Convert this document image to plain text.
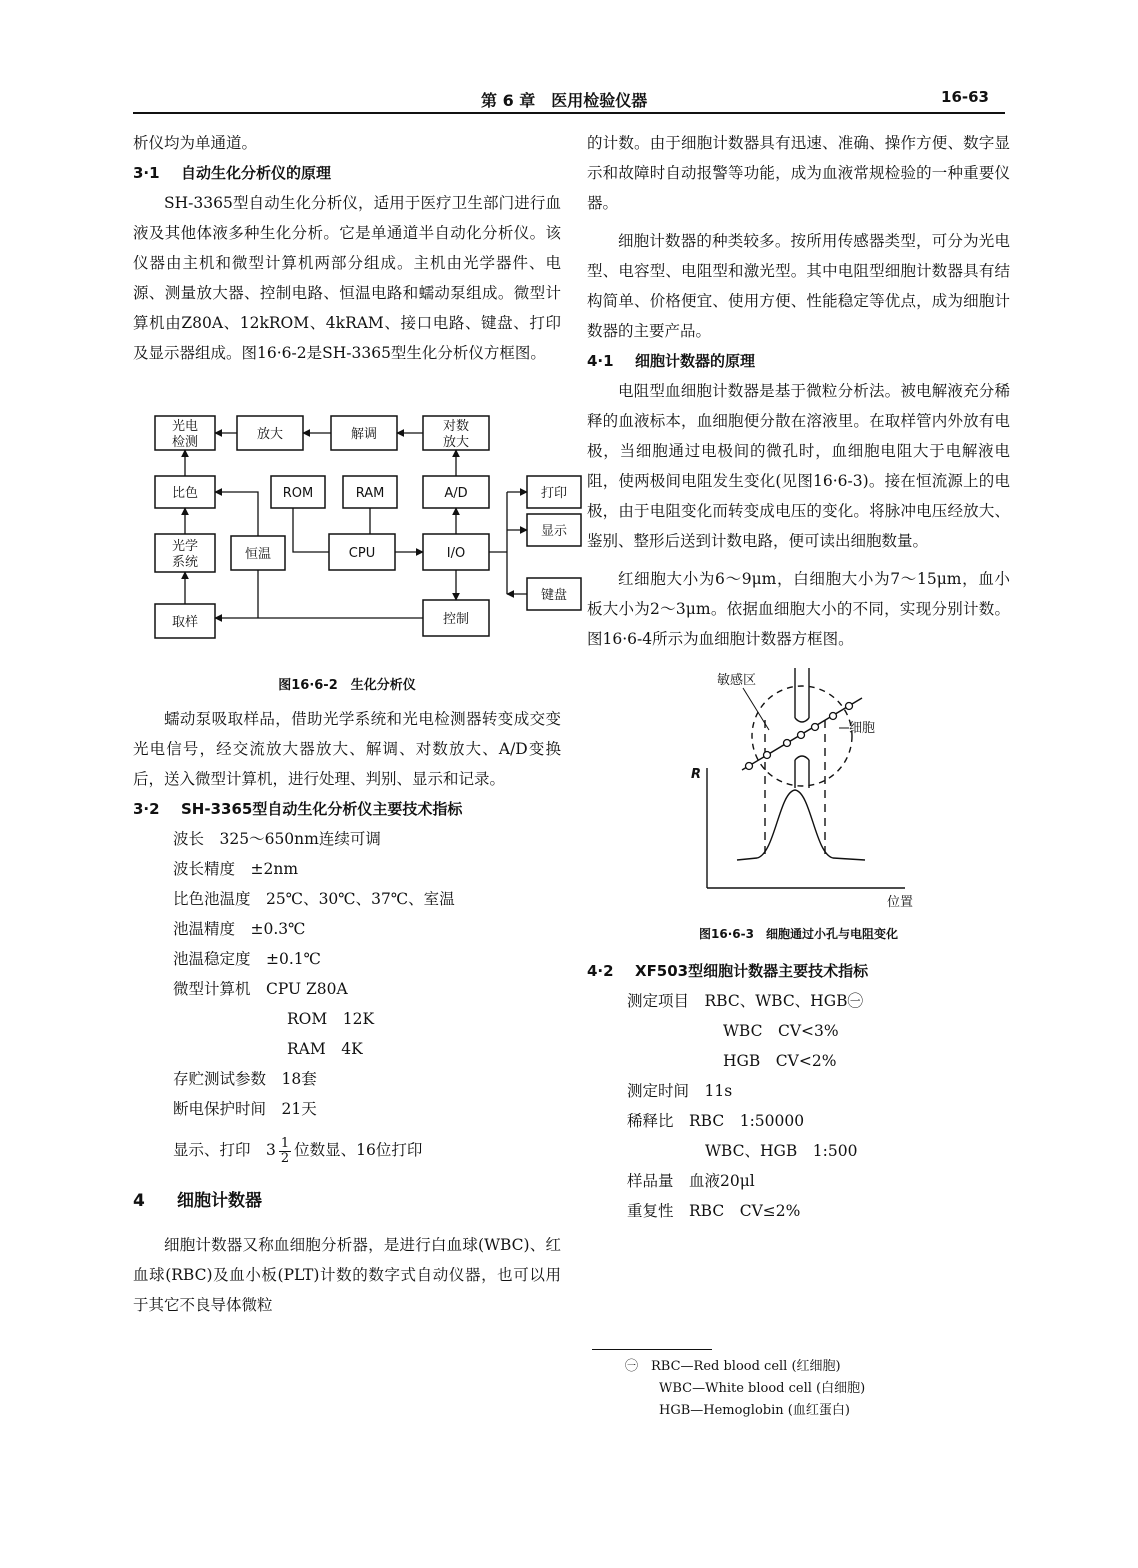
第 6 章　医用检验仪器	16-63

析仪均为单通道。

3·1 自动生化分析仪的原理

SH-3365型自动生化分析仪，适用于医疗卫生部门进行血液及其他体液多种生化分析。它是单通道半自动化分析仪。该仪器由主机和微型计算机两部分组成。主机由光学器件、电源、测量放大器、控制电路、恒温电路和蠕动泵组成。微型计算机由Z80A、12kROM、4kRAM、接口电路、键盘、打印及显示器组成。图16·6-2是SH-3365型生化分析仪方框图。

光电
检测
放大	解调
对数
放大
比色	ROM	RAM	A/D	打印
光学
系统
恒温	CPU	I/O
显示
键盘
取样	控制
图16·6-2　生化分析仪

蠕动泵吸取样品，借助光学系统和光电检测器转变成交变光电信号，经交流放大器放大、解调、对数放大、A/D变换后，送入微型计算机，进行处理、判别、显示和记录。

3·2 SH-3365型自动生化分析仪主要技术指标
波长　325～650nm连续可调
波长精度　±2nm
比色池温度　25℃、30℃、37℃、室温
池温精度　±0.3℃
池温稳定度　±0.1℃
微型计算机　CPU Z80A
ROM　12K
RAM　4K
存贮测试参数　18套
断电保护时间　21天
显示、打印　$3 \frac{1}{2}$ 位数显、16位打印
4 细胞计数器

细胞计数器又称血细胞分析器，是进行白血球(WBC)、红血球(RBC)及血小板(PLT)计数的数字式自动仪器，也可以用于其它不良导体微粒

的计数。由于细胞计数器具有迅速、准确、操作方便、数字显示和故障时自动报警等功能，成为血液常规检验的一种重要仪器。

细胞计数器的种类较多。按所用传感器类型，可分为光电型、电容型、电阻型和激光型。其中电阻型细胞计数器具有结构简单、价格便宜、使用方便、性能稳定等优点，成为细胞计数器的主要产品。

4·1 细胞计数器的原理

电阻型血细胞计数器是基于微粒分析法。被电解液充分稀释的血液标本，血细胞便分散在溶液里。在取样管内外放有电极，当细胞通过电极间的微孔时，血细胞电阻大于电解液电阻，使两极间电阻发生变化(见图16·6-3)。接在恒流源上的电极，由于电阻变化而转变成电压的变化。将脉冲电压经放大、鉴别、整形后送到计数电路，便可读出细胞数量。

红细胞大小为6～9μm，白细胞大小为7～15μm，血小板大小为2～3μm。依据血细胞大小的不同，实现分别计数。图16·6-4所示为血细胞计数器方框图。

敏感区
细胞
R
位置
图16·6-3　细胞通过小孔与电阻变化
4·2 XF503型细胞计数器主要技术指标
测定项目　RBC、WBC、HGB㊀
WBC　CV<3%
HGB　CV<2%
测定时间　11s
稀释比　RBC　1:50000
WBC、HGB　1:500
样品量　血液20μl
重复性　RBC　CV≤2%
㊀　RBC—Red blood cell (红细胞)
WBC—White blood cell (白细胞)
HGB—Hemoglobin (血红蛋白)
